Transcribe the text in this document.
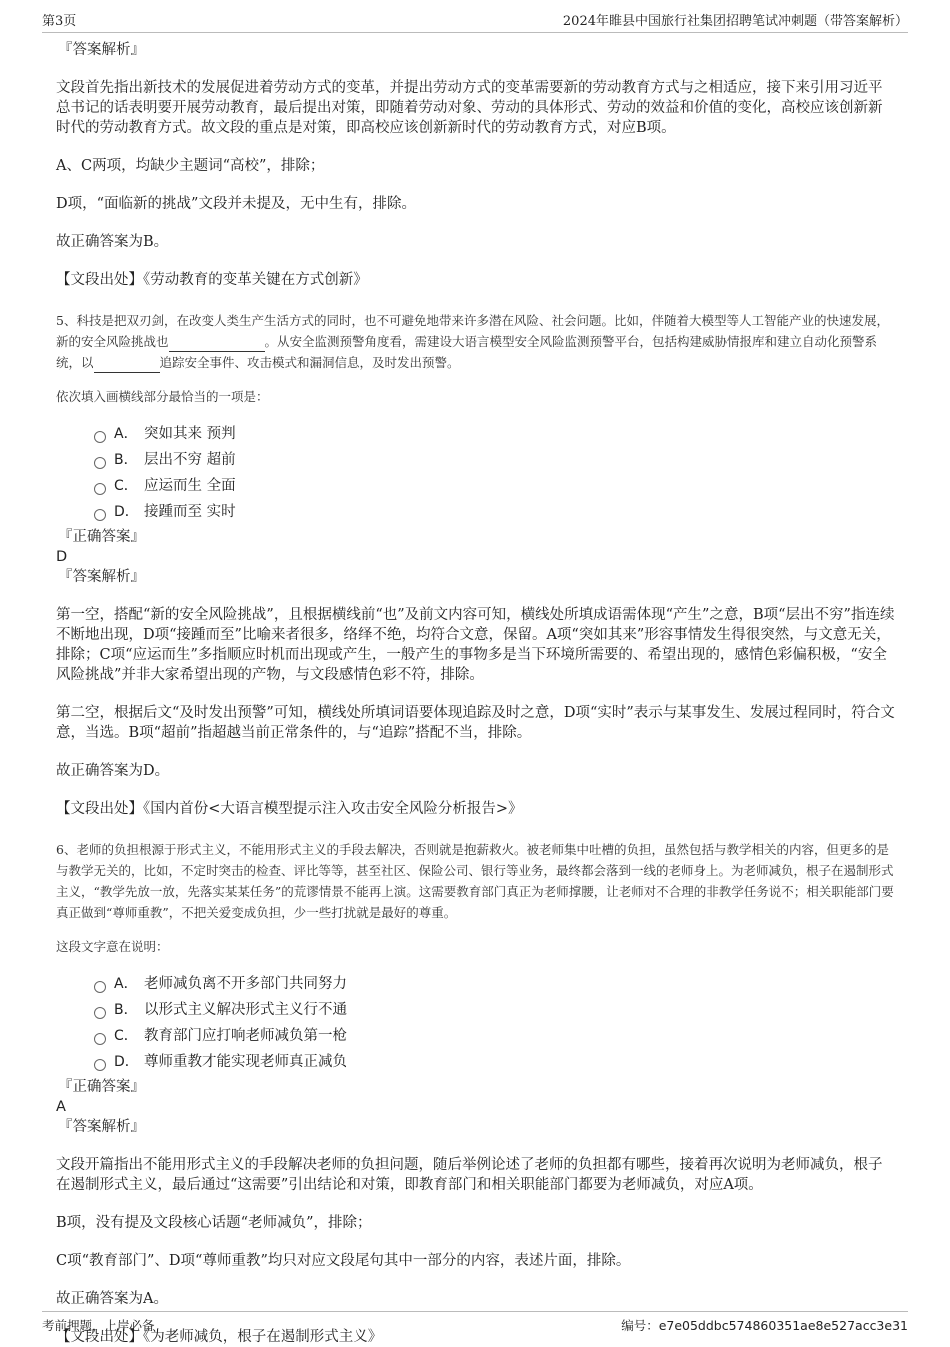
第3页	2024年睢县中国旅行社集团招聘笔试冲刺题（带答案解析）

『答案解析』

文段首先指出新技术的发展促进着劳动方式的变革，并提出劳动方式的变革需要新的劳动教育方式与之相适应，接下来引用习近平总书记的话表明要开展劳动教育，最后提出对策，即随着劳动对象、劳动的具体形式、劳动的效益和价值的变化，高校应该创新新时代的劳动教育方式。故文段的重点是对策，即高校应该创新新时代的劳动教育方式，对应B项。

A、C两项，均缺少主题词“高校”，排除；

D项，“面临新的挑战”文段并未提及，无中生有，排除。

故正确答案为B。

【文段出处】《劳动教育的变革关键在方式创新》

5、科技是把双刃剑，在改变人类生产生活方式的同时，也不可避免地带来许多潜在风险、社会问题。比如，伴随着大模型等人工智能产业的快速发展，新的安全风险挑战也	。从安全监测预警角度看，需建设大语言模型安全风险监测预警平台，包括构建威胁情报库和建立自动化预警系统，以	追踪安全事件、攻击模式和漏洞信息，及时发出预警。

依次填入画横线部分最恰当的一项是：

A． 突如其来 预判
B． 层出不穷 超前
C． 应运而生 全面
D． 接踵而至 实时

『正确答案』

D

『答案解析』

第一空，搭配“新的安全风险挑战”，且根据横线前“也”及前文内容可知，横线处所填成语需体现“产生”之意，B项“层出不穷”指连续不断地出现，D项“接踵而至”比喻来者很多，络绎不绝，均符合文意，保留。A项“突如其来”形容事情发生得很突然，与文意无关，排除；C项“应运而生”多指顺应时机而出现或产生，一般产生的事物多是当下环境所需要的、希望出现的，感情色彩偏积极，“安全风险挑战”并非大家希望出现的产物，与文段感情色彩不符，排除。

第二空，根据后文“及时发出预警”可知，横线处所填词语要体现追踪及时之意，D项“实时”表示与某事发生、发展过程同时，符合文意，当选。B项“超前”指超越当前正常条件的，与“追踪”搭配不当，排除。

故正确答案为D。

【文段出处】《国内首份<大语言模型提示注入攻击安全风险分析报告>》

6、老师的负担根源于形式主义，不能用形式主义的手段去解决，否则就是抱薪救火。被老师集中吐槽的负担，虽然包括与教学相关的内容，但更多的是与教学无关的，比如，不定时突击的检查、评比等等，甚至社区、保险公司、银行等业务，最终都会落到一线的老师身上。为老师减负，根子在遏制形式主义，“教学先放一放，先落实某某任务”的荒谬情景不能再上演。这需要教育部门真正为老师撑腰，让老师对不合理的非教学任务说不；相关职能部门要真正做到“尊师重教”，不把关爱变成负担，少一些打扰就是最好的尊重。

这段文字意在说明：

A． 老师减负离不开多部门共同努力
B． 以形式主义解决形式主义行不通
C． 教育部门应打响老师减负第一枪
D． 尊师重教才能实现老师真正减负

『正确答案』

A

『答案解析』

文段开篇指出不能用形式主义的手段解决老师的负担问题，随后举例论述了老师的负担都有哪些，接着再次说明为老师减负，根子在遏制形式主义，最后通过“这需要”引出结论和对策，即教育部门和相关职能部门都要为老师减负，对应A项。

B项，没有提及文段核心话题“老师减负”，排除；

C项“教育部门”、D项“尊师重教”均只对应文段尾句其中一部分的内容，表述片面，排除。

故正确答案为A。

【文段出处】《为老师减负，根子在遏制形式主义》

考前押题，上岸必备	编号：e7e05ddbc574860351ae8e527acc3e31
